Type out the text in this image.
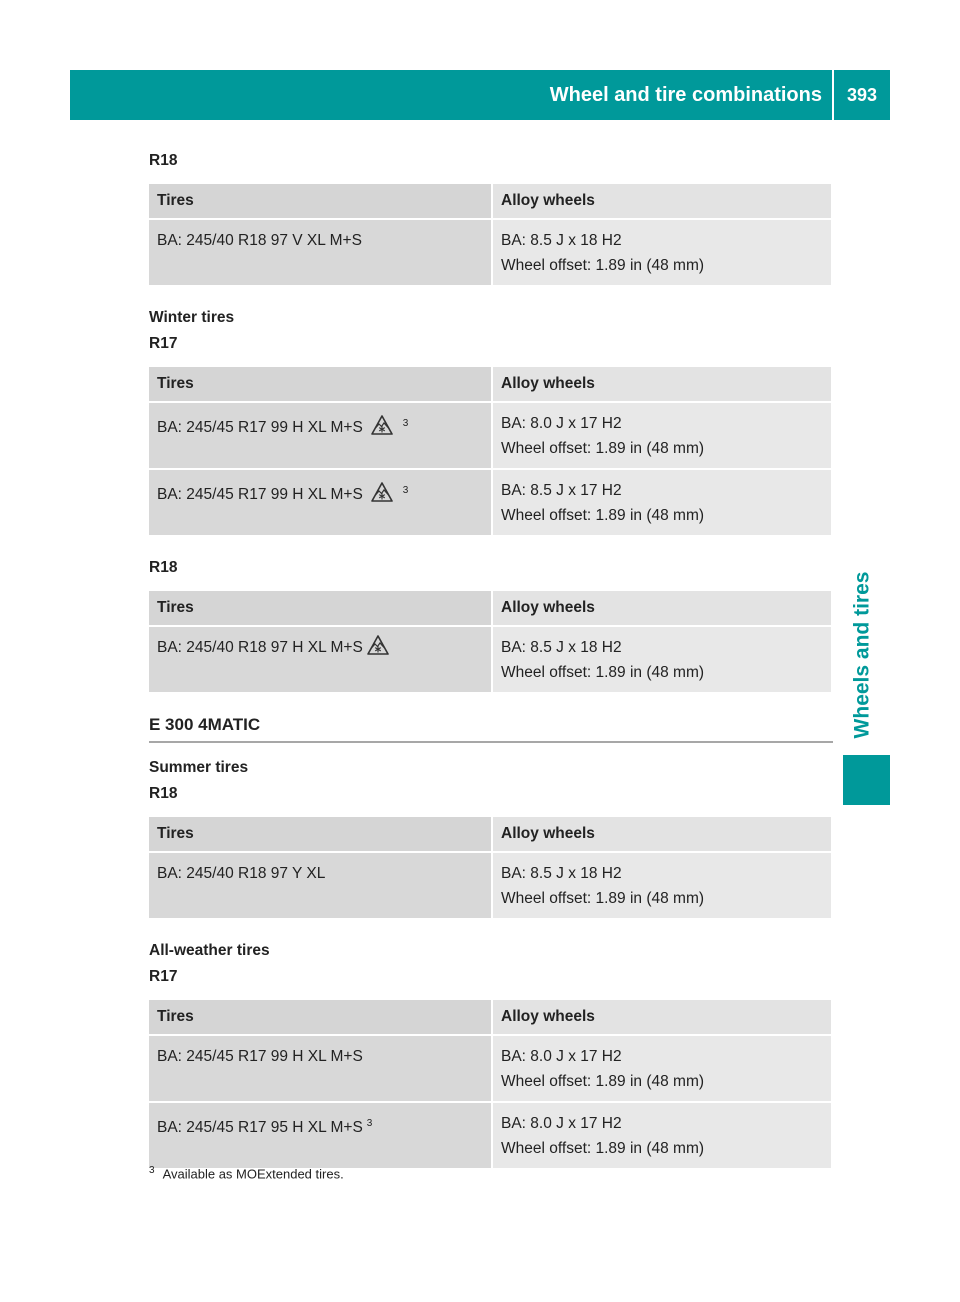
Wheel and tire combinations	393
Wheels and tires
R18
Tires	Alloy wheels
BA: 245/40 R18 97 V XL M+S	BA: 8.5 J x 18 H2
Wheel offset: 1.89 in (48 mm)
Winter tires
R17
Tires	Alloy wheels
BA: 245/45 R17 99 H XL M+S $^3$	BA: 8.0 J x 17 H2
Wheel offset: 1.89 in (48 mm)

BA: 245/45 R17 99 H XL M+S $^3$	BA: 8.5 J x 17 H2
Wheel offset: 1.89 in (48 mm)
R18
Tires	Alloy wheels
BA: 245/40 R18 97 H XL M+S	BA: 8.5 J x 18 H2
Wheel offset: 1.89 in (48 mm)
E 300 4MATIC
Summer tires
R18
Tires	Alloy wheels
BA: 245/40 R18 97 Y XL	BA: 8.5 J x 18 H2
Wheel offset: 1.89 in (48 mm)
All-weather tires
R17
Tires	Alloy wheels
BA: 245/45 R17 99 H XL M+S	BA: 8.0 J x 17 H2
Wheel offset: 1.89 in (48 mm)

BA: 245/45 R17 95 H XL M+S $^3$	BA: 8.0 J x 17 H2
Wheel offset: 1.89 in (48 mm)
$^3$ Available as MOExtended tires.
